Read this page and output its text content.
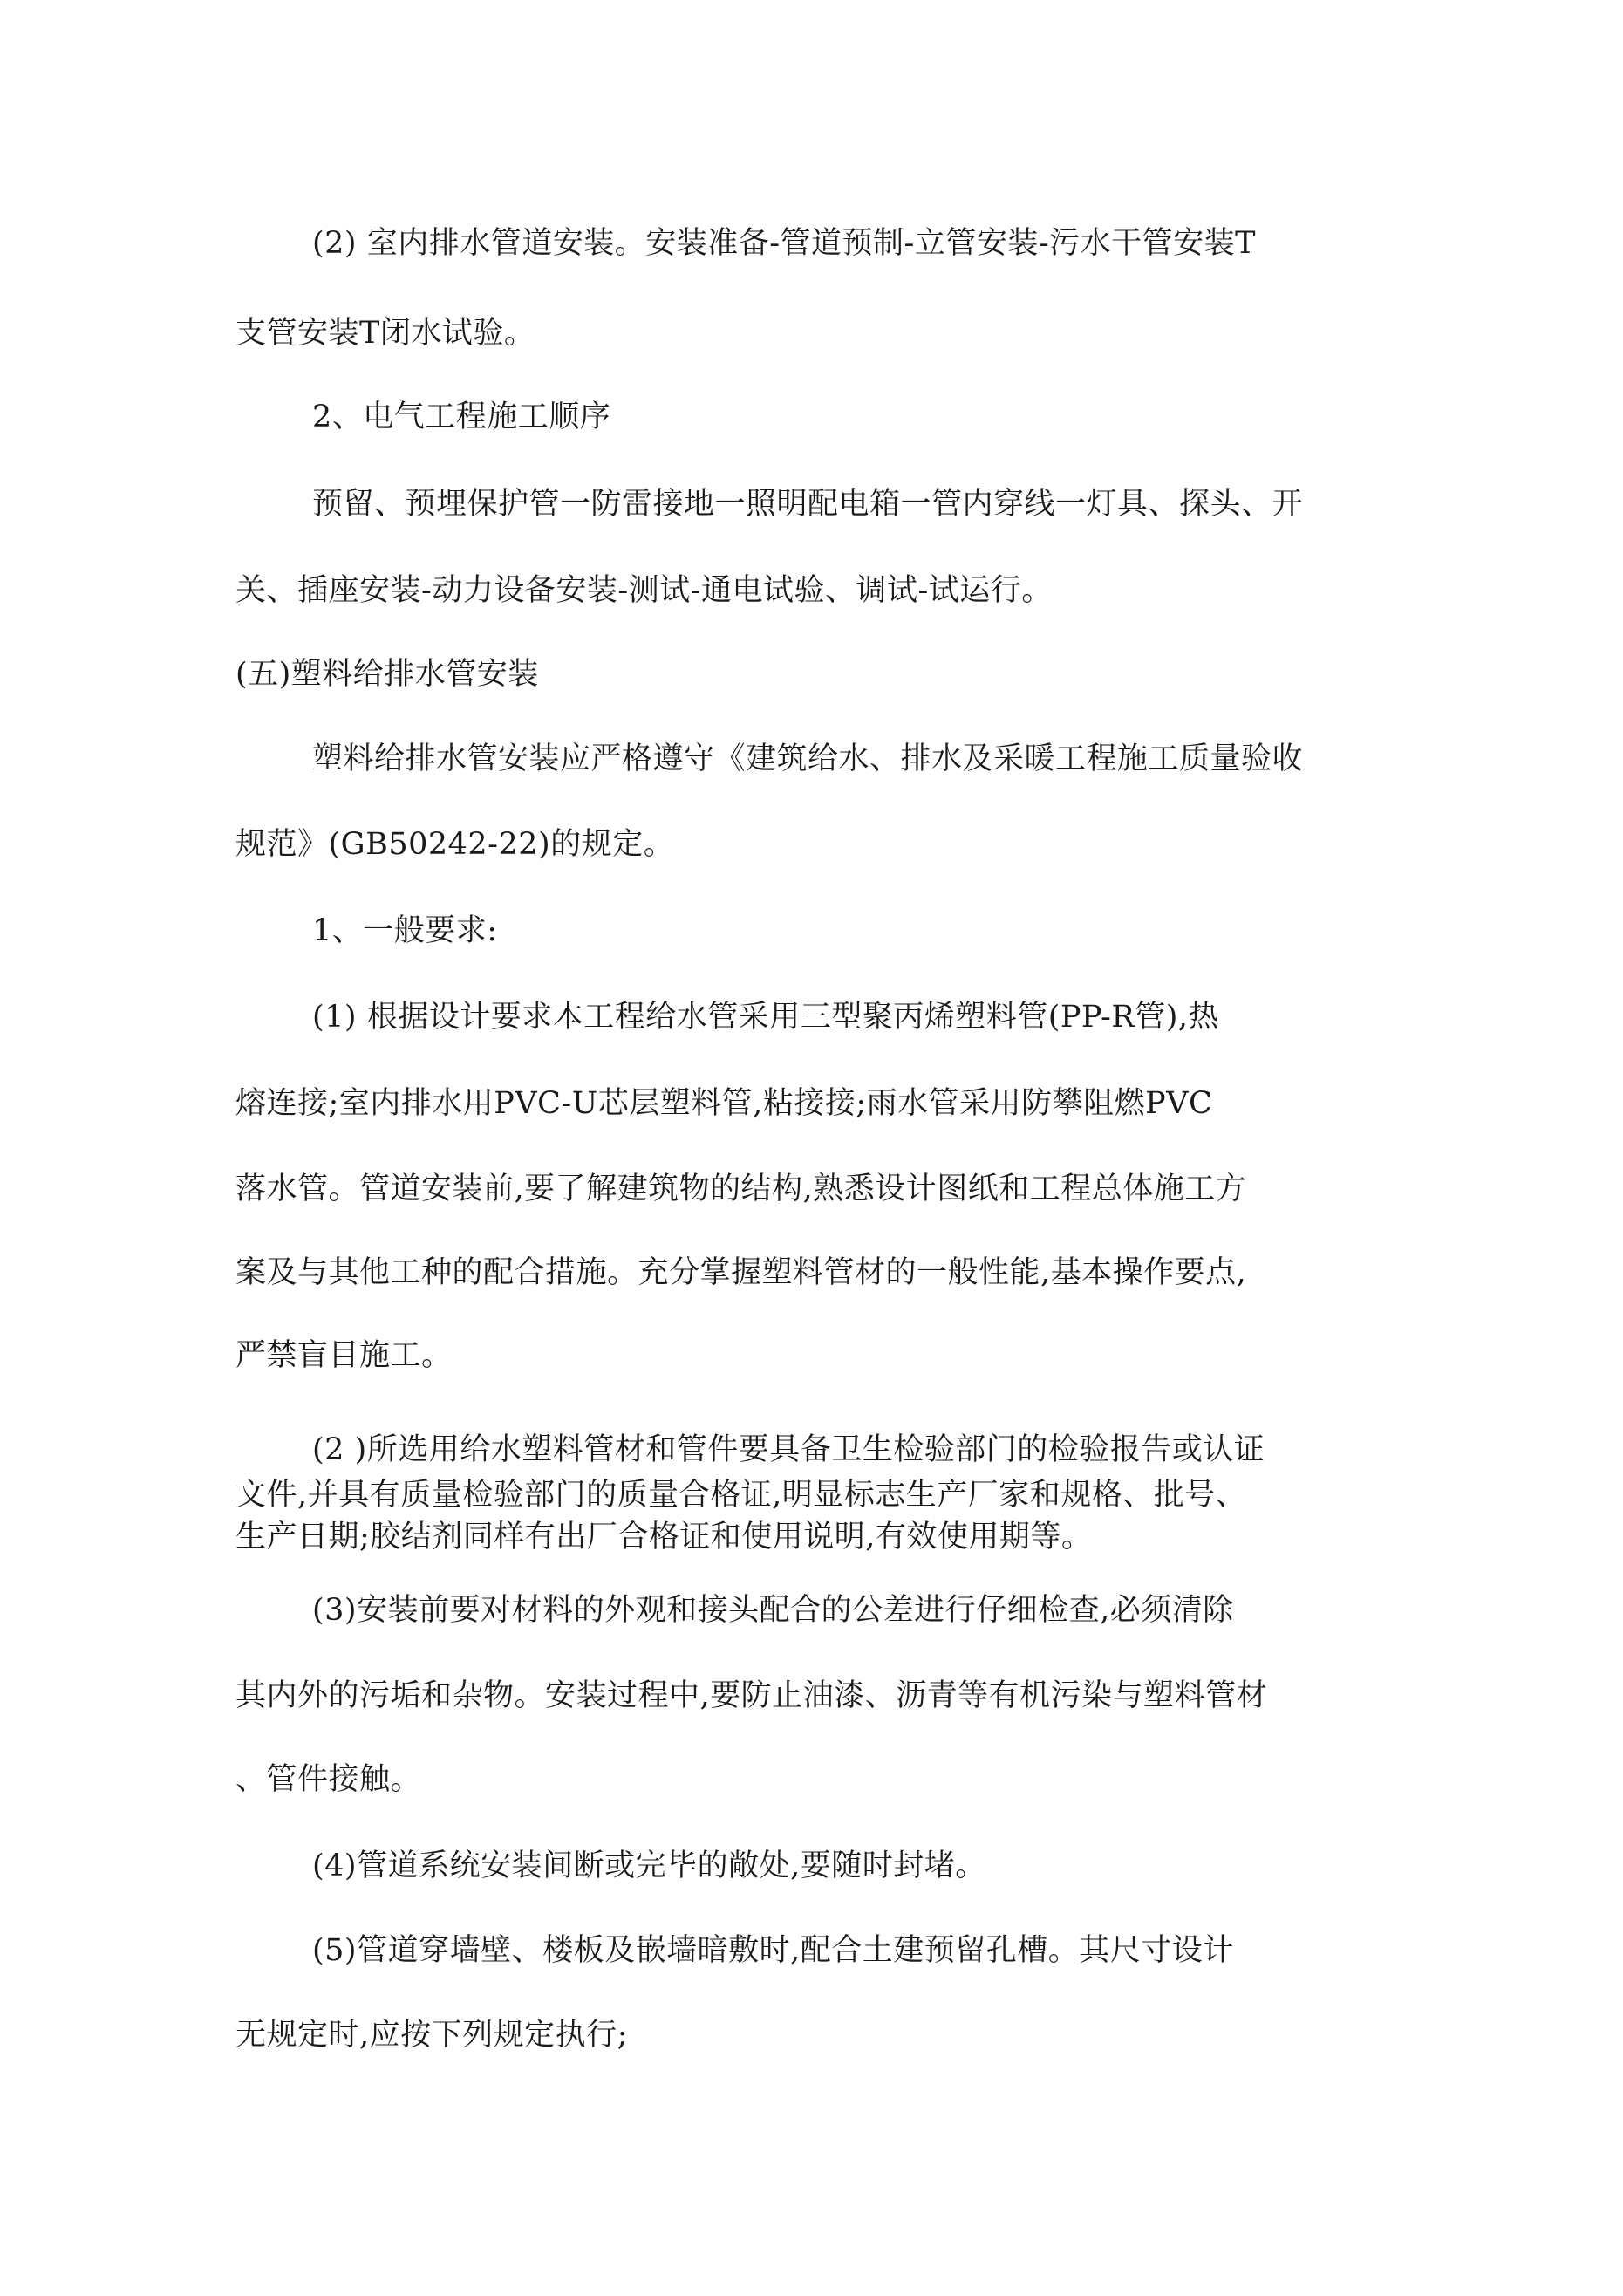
(2) 室内排水管道安装。安装准备-管道预制-立管安装-污水干管安装T
支管安装T闭水试验。
2、电气工程施工顺序
预留、预埋保护管一防雷接地一照明配电箱一管内穿线一灯具、探头、开
关、插座安装-动力设备安装-测试-通电试验、调试-试运行。
(五)塑料给排水管安装
塑料给排水管安装应严格遵守《建筑给水、排水及采暖工程施工质量验收
规范》(GB50242-22)的规定。
1、一般要求:
(1) 根据设计要求本工程给水管采用三型聚丙烯塑料管(PP-R管),热
熔连接;室内排水用PVC-U芯层塑料管,粘接接;雨水管采用防攀阻燃PVC
落水管。管道安装前,要了解建筑物的结构,熟悉设计图纸和工程总体施工方
案及与其他工种的配合措施。充分掌握塑料管材的一般性能,基本操作要点,
严禁盲目施工。
(2 )所选用给水塑料管材和管件要具备卫生检验部门的检验报告或认证
文件,并具有质量检验部门的质量合格证,明显标志生产厂家和规格、批号、
生产日期;胶结剂同样有出厂合格证和使用说明,有效使用期等。
(3)安装前要对材料的外观和接头配合的公差进行仔细检查,必须清除
其内外的污垢和杂物。安装过程中,要防止油漆、沥青等有机污染与塑料管材
、管件接触。
(4)管道系统安装间断或完毕的敞处,要随时封堵。
(5)管道穿墙壁、楼板及嵌墙暗敷时,配合土建预留孔槽。其尺寸设计
无规定时,应按下列规定执行;
